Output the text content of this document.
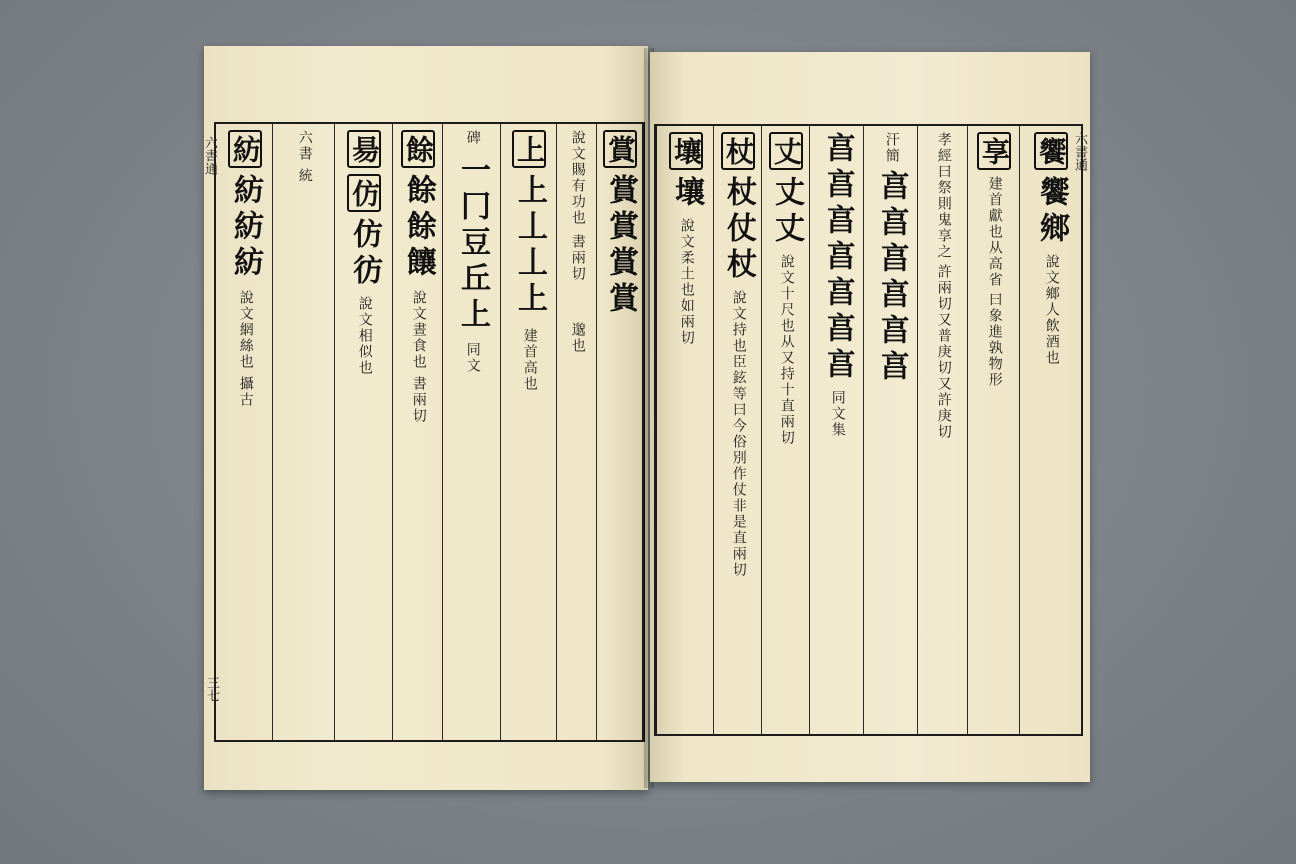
賞
賞賞賞賞
說文賜有功也
書兩切
邈也
上
上丄丄上
建首高也
碑
一冂豆丘上
同文
餘
餘餘饟
說文晝食也
書兩切
昜
仿
仿彷
說文相似也
六書
統
紡
紡紡紡
說文網絲也
攝古
六書通
三七
饗
饗鄉
說文鄉人飲酒也
享
建首獻也从高省
曰象進孰物形
孝經曰祭則鬼享之
許兩切又普庚切又許庚切
汗簡
亯亯亯亯亯亯
亯亯亯亯亯亯亯
同文集
丈
丈丈
說文十尺也从又持十直兩切
杖
杖仗杖
說文持也臣鉉等曰今俗別作仗非是直兩切
壤
壤
說文柔土也如兩切
六書通
